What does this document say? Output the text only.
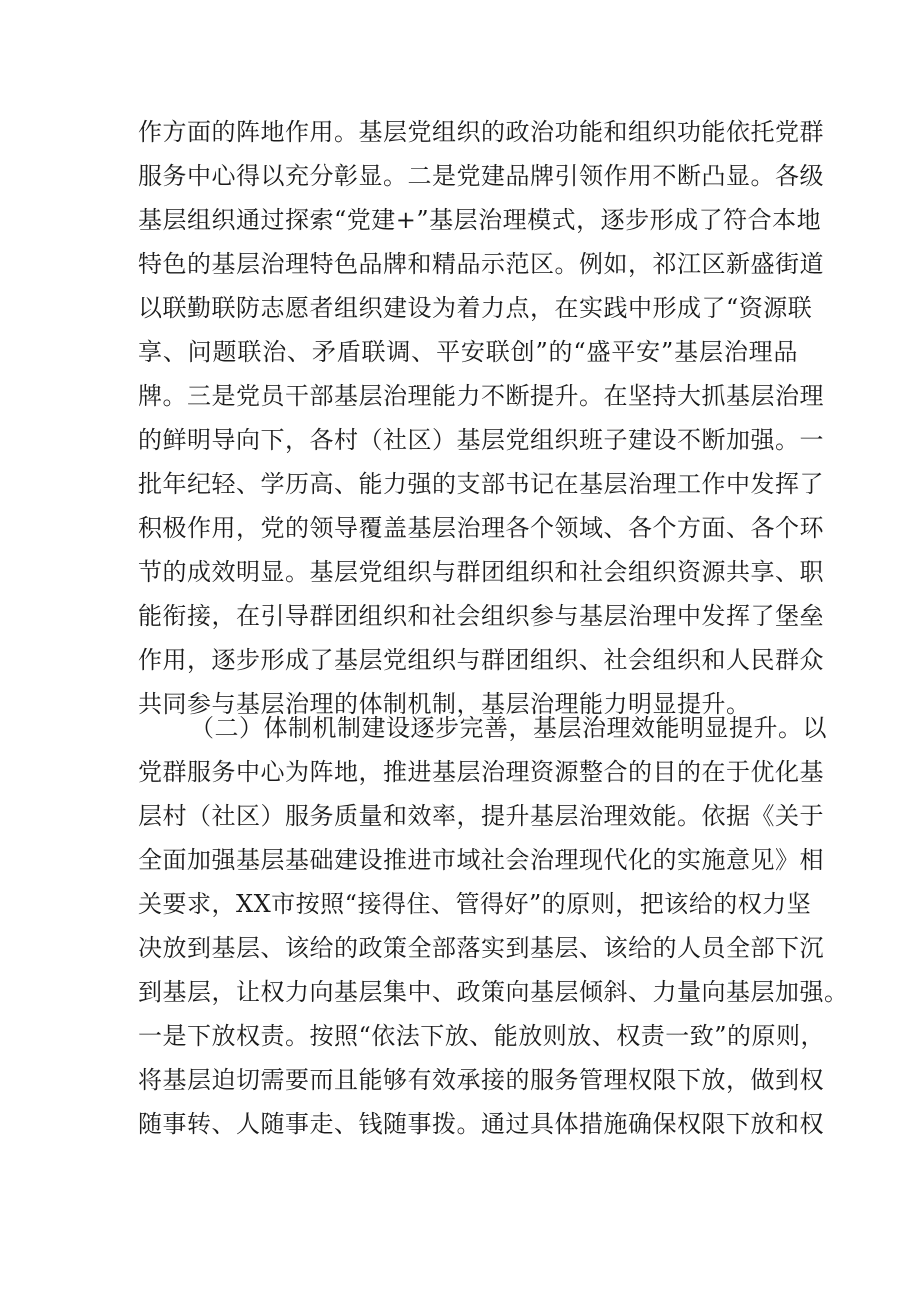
作方面的阵地作用。基层党组织的政治功能和组织功能依托党群
服务中心得以充分彰显。二是党建品牌引领作用不断凸显。各级
基层组织通过探索“党建+”基层治理模式，逐步形成了符合本地
特色的基层治理特色品牌和精品示范区。例如，祁江区新盛街道
以联勤联防志愿者组织建设为着力点，在实践中形成了“资源联
享、问题联治、矛盾联调、平安联创”的“盛平安”基层治理品
牌。三是党员干部基层治理能力不断提升。在坚持大抓基层治理
的鲜明导向下，各村（社区）基层党组织班子建设不断加强。一
批年纪轻、学历高、能力强的支部书记在基层治理工作中发挥了
积极作用，党的领导覆盖基层治理各个领域、各个方面、各个环
节的成效明显。基层党组织与群团组织和社会组织资源共享、职
能衔接，在引导群团组织和社会组织参与基层治理中发挥了堡垒
作用，逐步形成了基层党组织与群团组织、社会组织和人民群众
共同参与基层治理的体制机制，基层治理能力明显提升。
（二）体制机制建设逐步完善，基层治理效能明显提升。以
党群服务中心为阵地，推进基层治理资源整合的目的在于优化基
层村（社区）服务质量和效率，提升基层治理效能。依据《关于
全面加强基层基础建设推进市域社会治理现代化的实施意见》相
关要求，XX市按照“接得住、管得好”的原则，把该给的权力坚
决放到基层、该给的政策全部落实到基层、该给的人员全部下沉
到基层，让权力向基层集中、政策向基层倾斜、力量向基层加强。
一是下放权责。按照“依法下放、能放则放、权责一致”的原则，
将基层迫切需要而且能够有效承接的服务管理权限下放，做到权
随事转、人随事走、钱随事拨。通过具体措施确保权限下放和权
